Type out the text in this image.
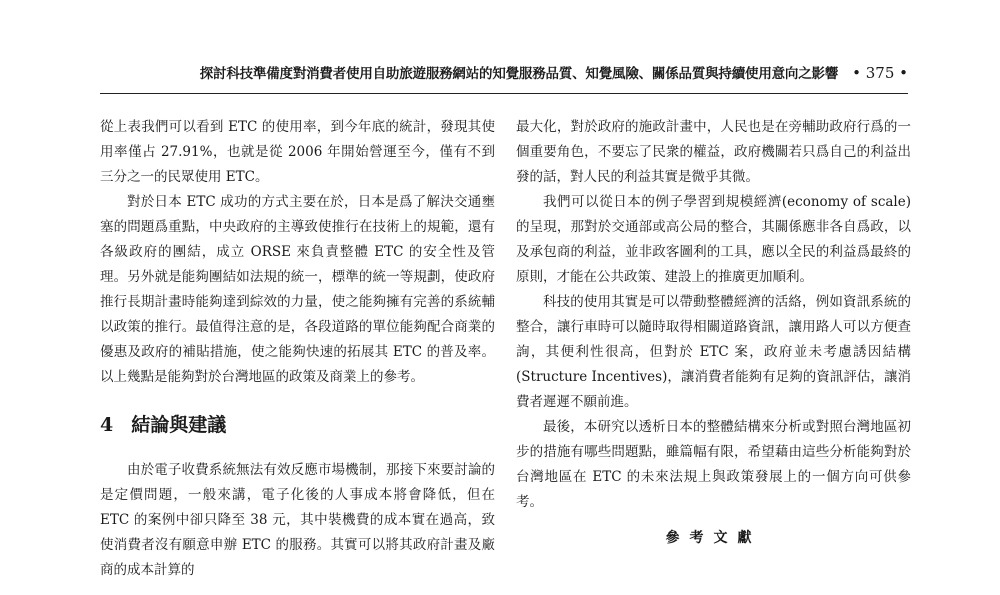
探討科技準備度對消費者使用自助旅遊服務網站的知覺服務品質、知覺風險、關係品質與持續使用意向之影響 • 375 •

從上表我們可以看到 ETC 的使用率，到今年底的統計，發現其使用率僅占 27.91%，也就是從 2006 年開始營運至今，僅有不到三分之一的民眾使用 ETC。

對於日本 ETC 成功的方式主要在於，日本是爲了解決交通壅塞的問題爲重點，中央政府的主導致使推行在技術上的規範，還有各級政府的團結，成立 ORSE 來負責整體 ETC 的安全性及管理。另外就是能夠團結如法規的統一，標準的統一等規劃，使政府推行長期計畫時能夠達到綜效的力量，使之能夠擁有完善的系統輔以政策的推行。最值得注意的是，各段道路的單位能夠配合商業的優惠及政府的補貼措施，使之能夠快速的拓展其 ETC 的普及率。以上幾點是能夠對於台灣地區的政策及商業上的參考。

4 結論與建議

由於電子收費系統無法有效反應市場機制，那接下來要討論的是定價問題，一般來講，電子化後的人事成本將會降低，但在 ETC 的案例中卻只降至 38 元，其中裝機費的成本實在過高，致使消費者沒有願意申辦 ETC 的服務。其實可以將其政府計畫及廠商的成本計算的

最大化，對於政府的施政計畫中，人民也是在旁輔助政府行爲的一個重要角色，不要忘了民衆的權益，政府機關若只爲自己的利益出發的話，對人民的利益其實是微乎其微。

我們可以從日本的例子學習到規模經濟(economy of scale)的呈現，那對於交通部或高公局的整合，其關係應非各自爲政，以及承包商的利益，並非政客圖利的工具，應以全民的利益爲最終的原則，才能在公共政策、建設上的推廣更加順利。

科技的使用其實是可以帶動整體經濟的活絡，例如資訊系統的整合，讓行車時可以隨時取得相關道路資訊，讓用路人可以方便查詢，其便利性很高，但對於 ETC 案，政府並未考慮誘因結構(Structure Incentives)，讓消費者能夠有足夠的資訊評估，讓消費者遲遲不願前進。

最後，本研究以透析日本的整體結構來分析或對照台灣地區初步的措施有哪些問題點，雖篇幅有限，希望藉由這些分析能夠對於台灣地區在 ETC 的未來法規上與政策發展上的一個方向可供參考。

參考文獻
